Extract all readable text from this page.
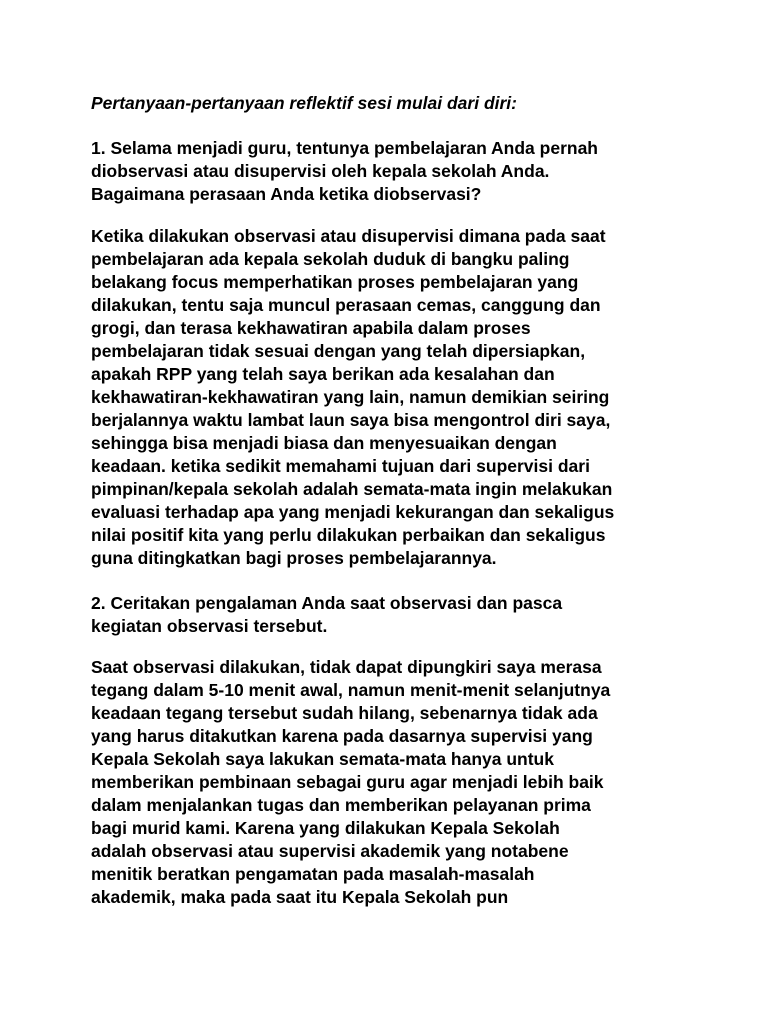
Pertanyaan-pertanyaan reflektif sesi mulai dari diri:
1. Selama menjadi guru, tentunya pembelajaran Anda pernah
diobservasi atau disupervisi oleh kepala sekolah Anda.
Bagaimana perasaan Anda ketika diobservasi?
Ketika dilakukan observasi atau disupervisi dimana pada saat
pembelajaran ada kepala sekolah duduk di bangku paling
belakang focus memperhatikan proses pembelajaran yang
dilakukan, tentu saja muncul perasaan cemas, canggung dan
grogi, dan terasa kekhawatiran apabila dalam proses
pembelajaran tidak sesuai dengan yang telah dipersiapkan,
apakah RPP yang telah saya berikan ada kesalahan dan
kekhawatiran-kekhawatiran yang lain, namun demikian seiring
berjalannya waktu lambat laun saya bisa mengontrol diri saya,
sehingga bisa menjadi biasa dan menyesuaikan dengan
keadaan. ketika sedikit memahami tujuan dari supervisi dari
pimpinan/kepala sekolah adalah semata-mata ingin melakukan
evaluasi terhadap apa yang menjadi kekurangan dan sekaligus
nilai positif kita yang perlu dilakukan perbaikan dan sekaligus
guna ditingkatkan bagi proses pembelajarannya.
2. Ceritakan pengalaman Anda saat observasi dan pasca
kegiatan observasi tersebut.
Saat observasi dilakukan, tidak dapat dipungkiri saya merasa
tegang dalam 5-10 menit awal, namun menit-menit selanjutnya
keadaan tegang tersebut sudah hilang, sebenarnya tidak ada
yang harus ditakutkan karena pada dasarnya supervisi yang
Kepala Sekolah saya lakukan semata-mata hanya untuk
memberikan pembinaan sebagai guru agar menjadi lebih baik
dalam menjalankan tugas dan memberikan pelayanan prima
bagi murid kami. Karena yang dilakukan Kepala Sekolah
adalah observasi atau supervisi akademik yang notabene
menitik beratkan pengamatan pada masalah-masalah
akademik, maka pada saat itu Kepala Sekolah pun
